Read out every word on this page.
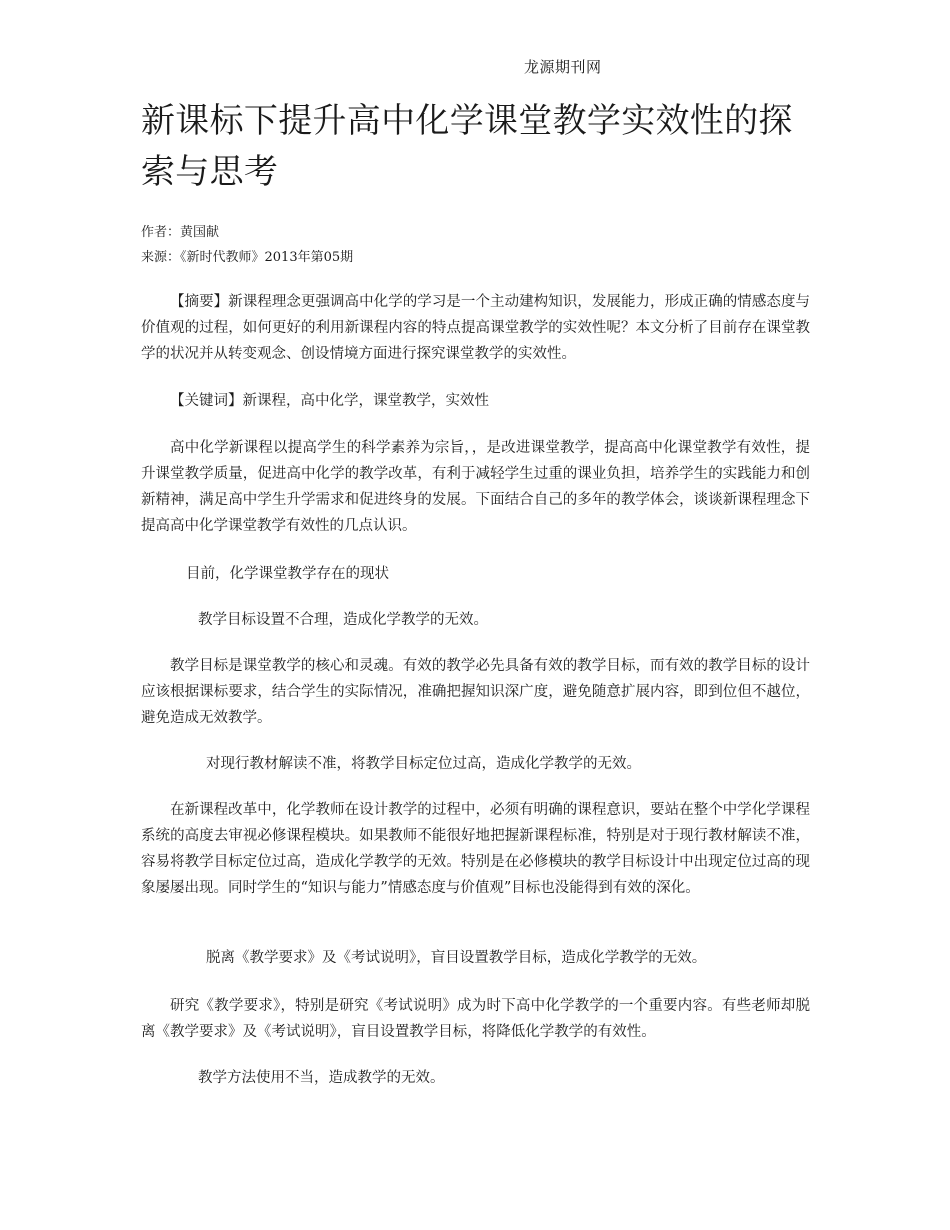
龙源期刊网
新课标下提升高中化学课堂教学实效性的探索与思考
作者：黄国献
来源：《新时代教师》2013年第05期

【摘要】新课程理念更强调高中化学的学习是一个主动建构知识，发展能力，形成正确的情感态度与价值观的过程，如何更好的利用新课程内容的特点提高课堂教学的实效性呢？本文分析了目前存在课堂教学的状况并从转变观念、创设情境方面进行探究课堂教学的实效性。

【关键词】新课程，高中化学，课堂教学，实效性

高中化学新课程以提高学生的科学素养为宗旨，，是改进课堂教学，提高高中化课堂教学有效性，提升课堂教学质量，促进高中化学的教学改革，有利于减轻学生过重的课业负担，培养学生的实践能力和创新精神，满足高中学生升学需求和促进终身的发展。下面结合自己的多年的教学体会，谈谈新课程理念下提高高中化学课堂教学有效性的几点认识。

目前，化学课堂教学存在的现状

教学目标设置不合理，造成化学教学的无效。

教学目标是课堂教学的核心和灵魂。有效的教学必先具备有效的教学目标，而有效的教学目标的设计应该根据课标要求，结合学生的实际情况，准确把握知识深广度，避免随意扩展内容，即到位但不越位，避免造成无效教学。

对现行教材解读不准，将教学目标定位过高，造成化学教学的无效。

在新课程改革中，化学教师在设计教学的过程中，必须有明确的课程意识，要站在整个中学化学课程系统的高度去审视必修课程模块。如果教师不能很好地把握新课程标准，特别是对于现行教材解读不准，容易将教学目标定位过高，造成化学教学的无效。特别是在必修模块的教学目标设计中出现定位过高的现象屡屡出现。同时学生的“知识与能力”情感态度与价值观”目标也没能得到有效的深化。

脱离《教学要求》及《考试说明》，盲目设置教学目标，造成化学教学的无效。

研究《教学要求》，特别是研究《考试说明》成为时下高中化学教学的一个重要内容。有些老师却脱离《教学要求》及《考试说明》，盲目设置教学目标，将降低化学教学的有效性。

教学方法使用不当，造成教学的无效。
